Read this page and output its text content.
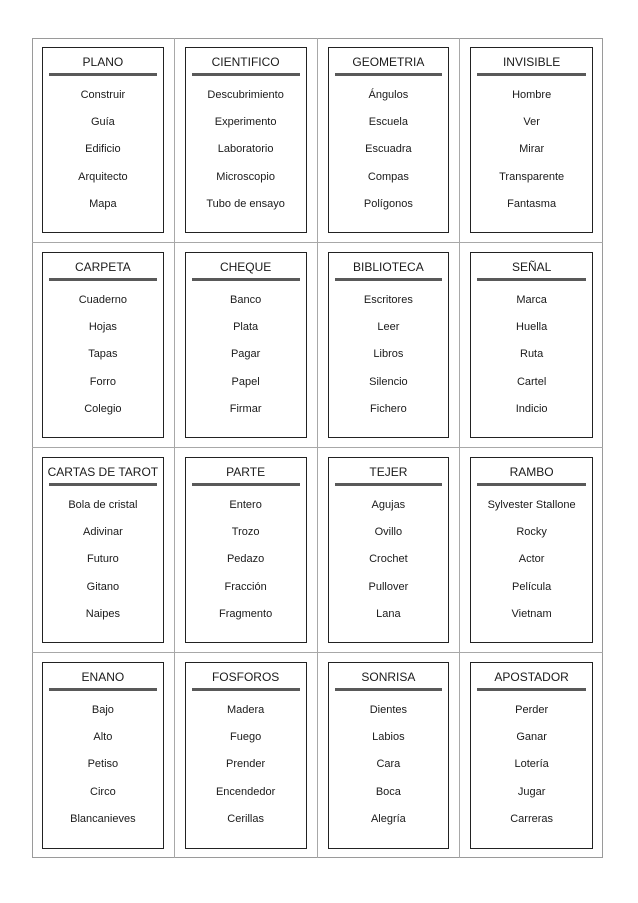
PLANO
Construir
Guía
Edificio
Arquitecto
Mapa
CIENTIFICO
Descubrimiento
Experimento
Laboratorio
Microscopio
Tubo de ensayo
GEOMETRIA
Ángulos
Escuela
Escuadra
Compas
Polígonos
INVISIBLE
Hombre
Ver
Mirar
Transparente
Fantasma
CARPETA
Cuaderno
Hojas
Tapas
Forro
Colegio
CHEQUE
Banco
Plata
Pagar
Papel
Firmar
BIBLIOTECA
Escritores
Leer
Libros
Silencio
Fichero
SEÑAL
Marca
Huella
Ruta
Cartel
Indicio
CARTAS DE TAROT
Bola de cristal
Adivinar
Futuro
Gitano
Naipes
PARTE
Entero
Trozo
Pedazo
Fracción
Fragmento
TEJER
Agujas
Ovillo
Crochet
Pullover
Lana
RAMBO
Sylvester Stallone
Rocky
Actor
Película
Vietnam
ENANO
Bajo
Alto
Petiso
Circo
Blancanieves
FOSFOROS
Madera
Fuego
Prender
Encendedor
Cerillas
SONRISA
Dientes
Labios
Cara
Boca
Alegría
APOSTADOR
Perder
Ganar
Lotería
Jugar
Carreras
